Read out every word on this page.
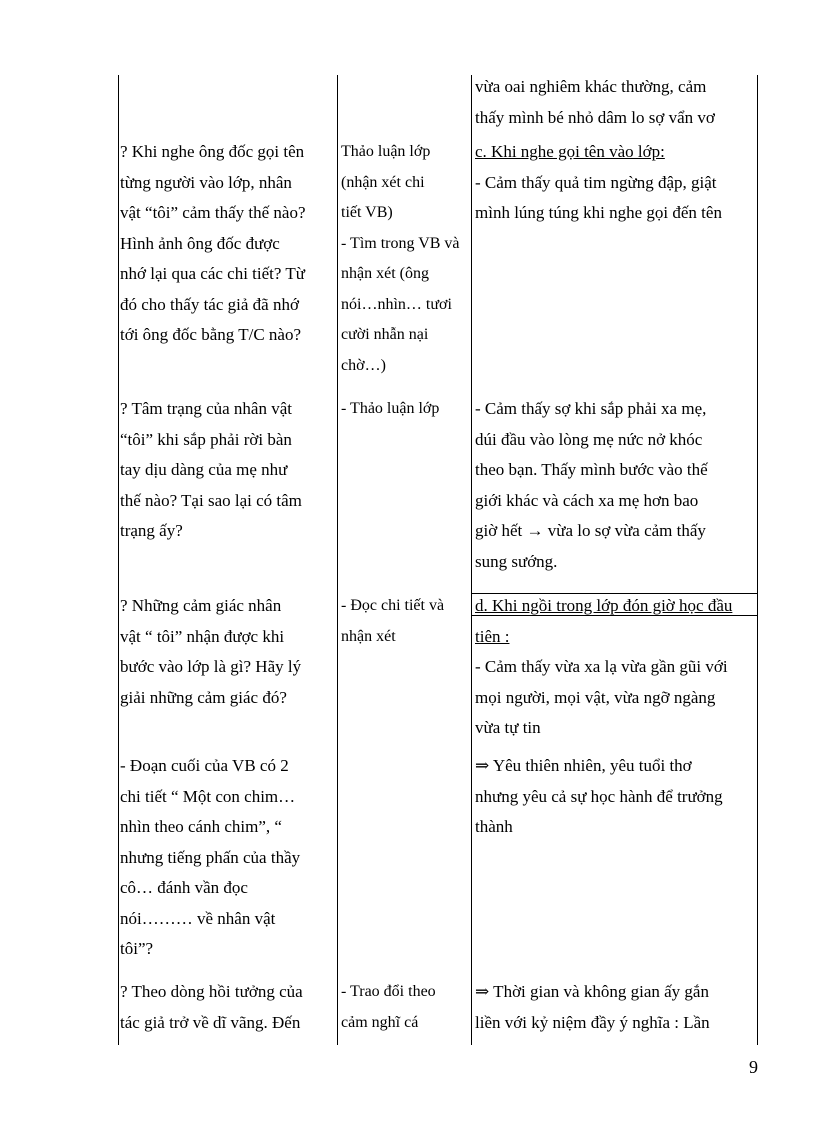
vừa oai nghiêm khác thường, cảm
thấy mình bé nhỏ dâm lo sợ vẩn vơ
? Khi nghe ông đốc gọi tên
từng người vào lớp, nhân
vật “tôi” cảm thấy thế nào?
Hình ảnh ông đốc được
nhớ lại qua các chi tiết? Từ
đó cho thấy tác giả đã nhớ
tới ông đốc bằng T/C nào?
Thảo luận lớp
(nhận xét chi
tiết VB)
- Tìm trong VB và
nhận xét (ông
nói…nhìn… tươi
cười nhẫn nại
chờ…)
c. Khi nghe gọi tên vào lớp:
- Cảm thấy quả tim ngừng đập, giật
mình lúng túng khi nghe gọi đến tên
? Tâm trạng của nhân vật
“tôi” khi sắp phải rời bàn
tay dịu dàng của mẹ như
thế nào? Tại sao lại có tâm
trạng ấy?
- Thảo luận lớp	- Cảm thấy sợ khi sắp phải xa mẹ,
dúi đầu vào lòng mẹ nức nở khóc
theo bạn. Thấy mình bước vào thế
giới khác và cách xa mẹ hơn bao
giờ hết → vừa lo sợ vừa cảm thấy
sung sướng.
? Những cảm giác nhân
vật “ tôi” nhận được khi
bước vào lớp là gì? Hãy lý
giải những cảm giác đó?
- Đọc chi tiết và
nhận xét
d. Khi ngồi trong lớp đón giờ học đầu
tiên :
- Cảm thấy vừa xa lạ vừa gần gũi với
mọi người, mọi vật, vừa ngỡ ngàng
vừa tự tin
- Đoạn cuối của VB có 2
chi tiết “ Một con chim…
nhìn theo cánh chim”, “
nhưng tiếng phấn của thầy
cô… đánh vần đọc
nói……… về nhân vật
tôi”?
⇒ Yêu thiên nhiên, yêu tuổi thơ
nhưng yêu cả sự học hành để trưởng
thành
? Theo dòng hồi tưởng của
tác giả trở về dĩ vãng. Đến
- Trao đổi theo
cảm nghĩ cá
⇒ Thời gian và không gian ấy gắn
liền với kỷ niệm đầy ý nghĩa : Lần
9
